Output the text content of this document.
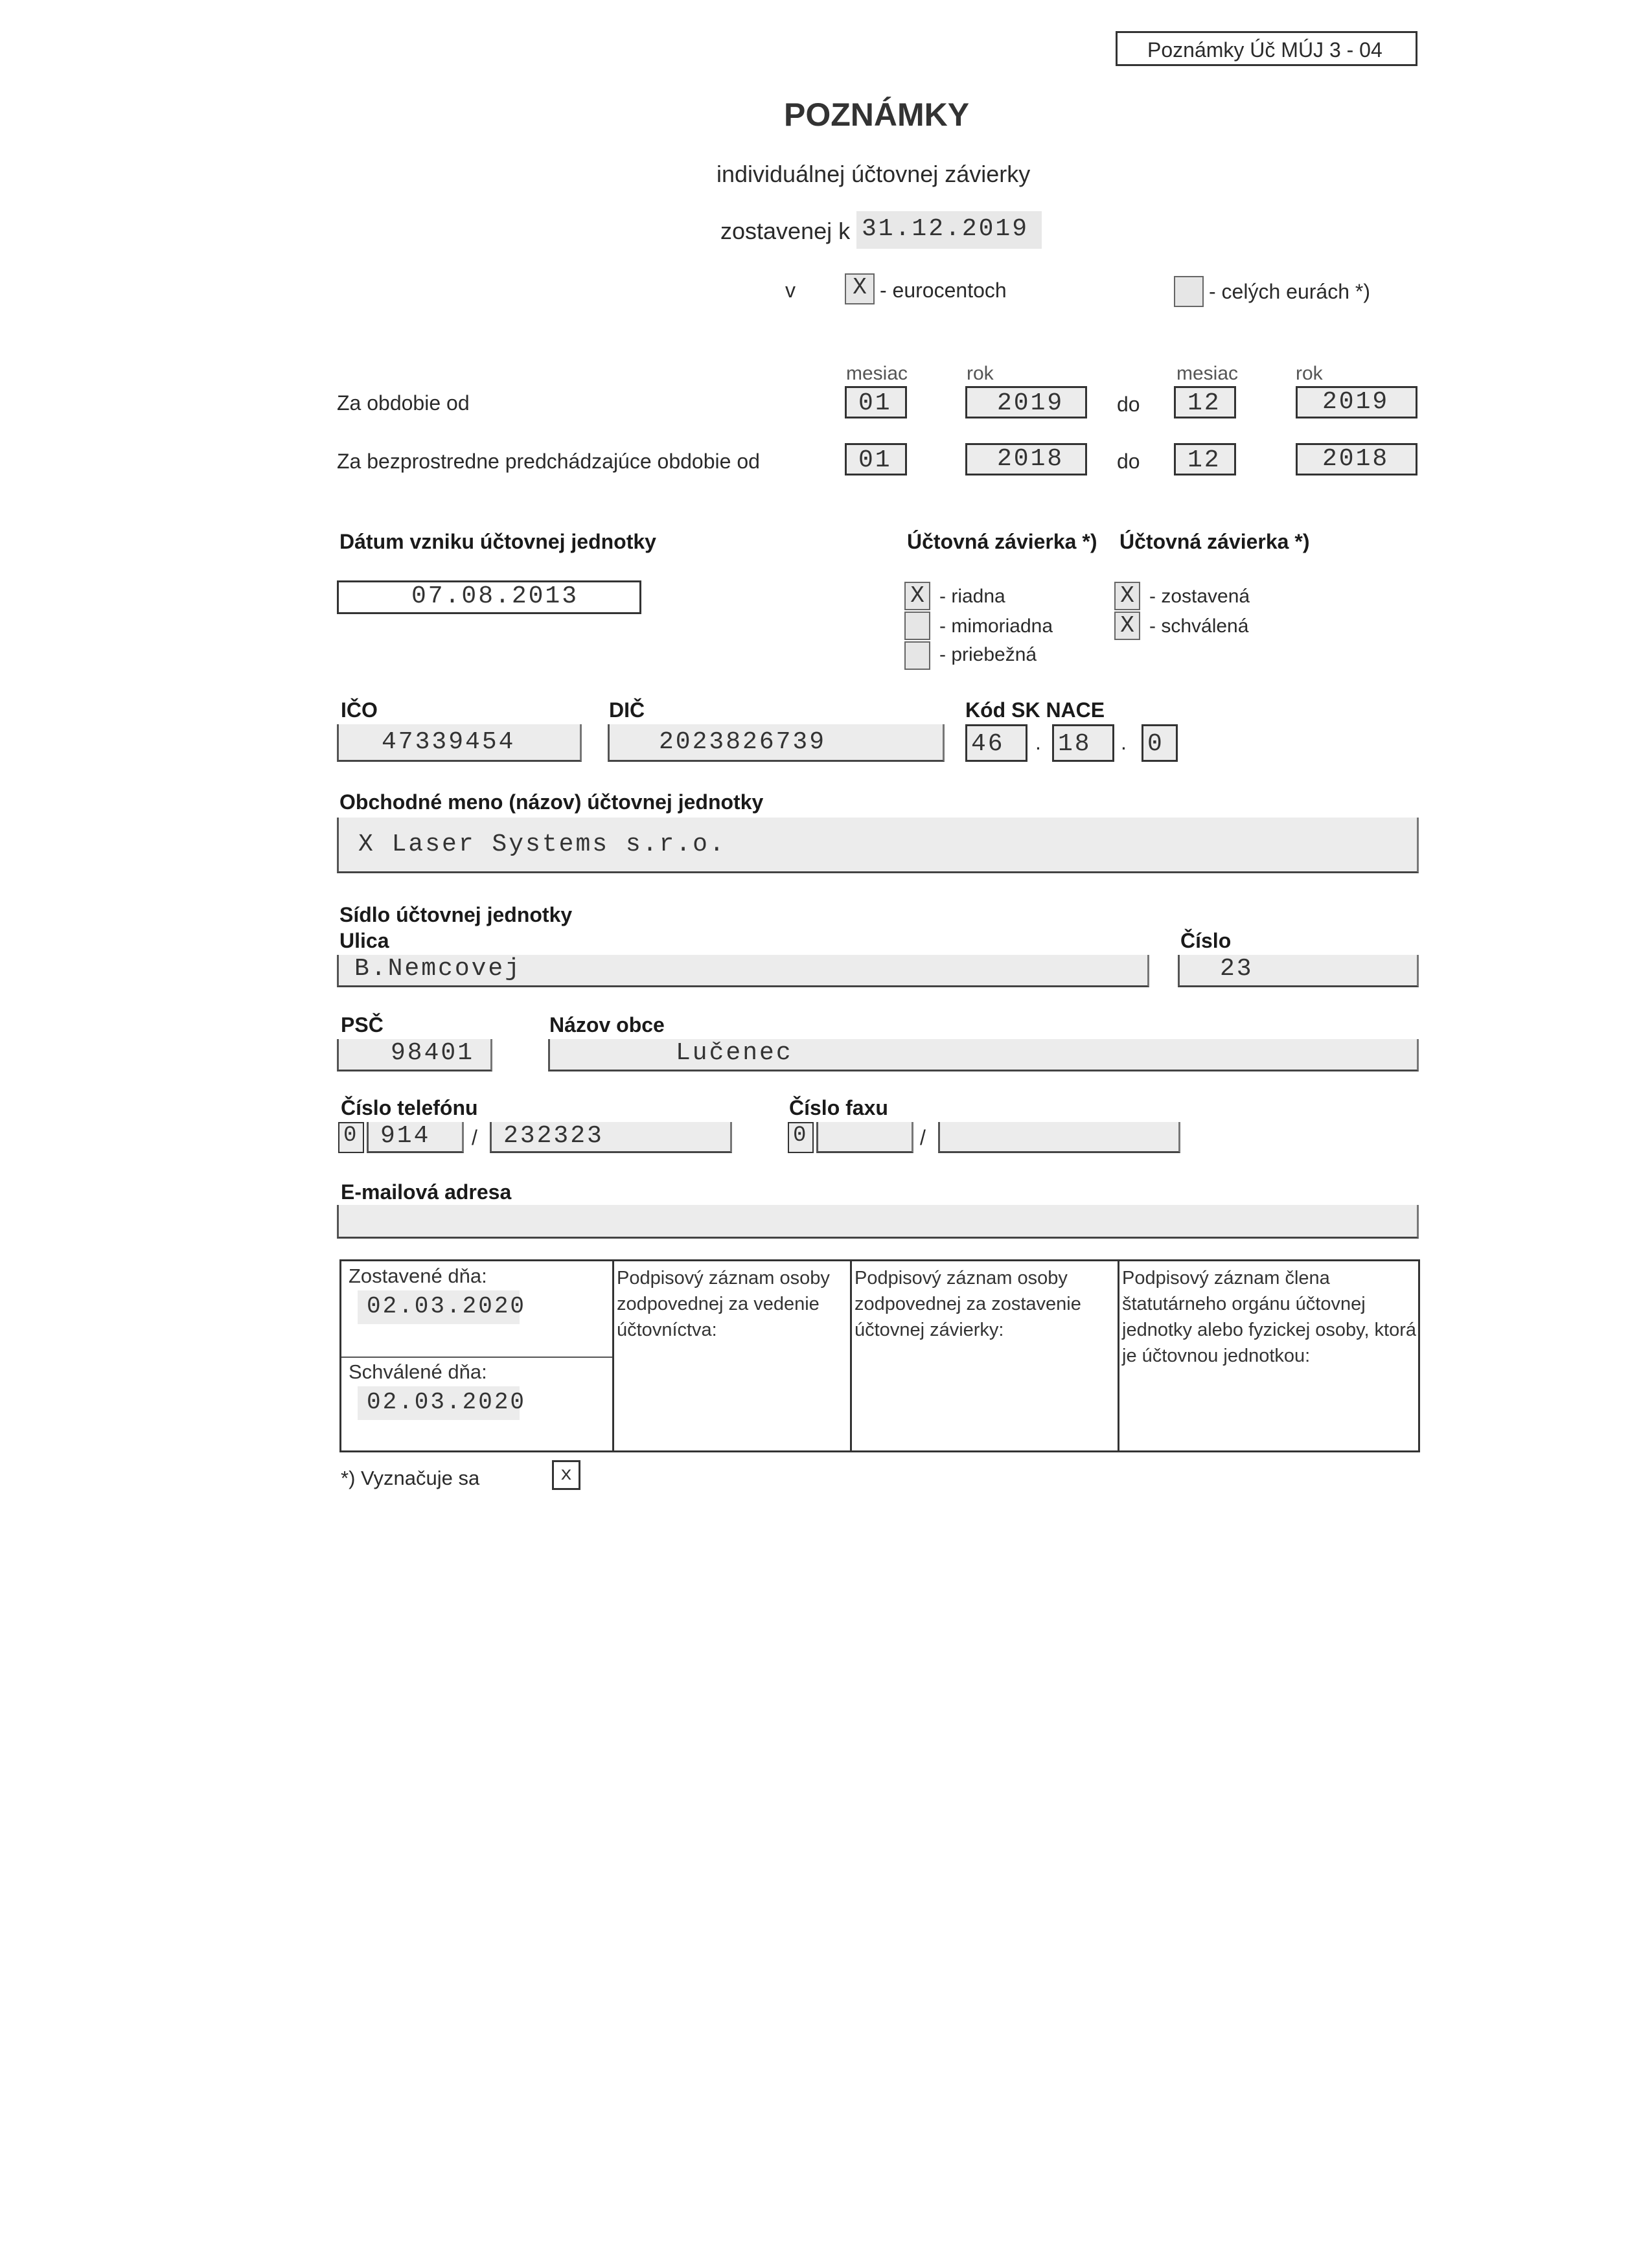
Poznámky Úč MÚJ 3 - 04
POZNÁMKY
individuálnej účtovnej závierky
zostavenej k 31.12.2019
v	X - eurocentoch	- celých eurách *)
mesiac	rok	mesiac	rok
Za obdobie od	01	2019	do 12	2019
Za bezprostredne predchádzajúce obdobie od	01	2018	do 12	2018
Dátum vzniku účtovnej jednotky
07.08.2013
Účtovná závierka *)
X - riadna
- mimoriadna
- priebežná
Účtovná závierka *)
X - zostavená
X - schválená
IČO
47339454
DIČ
2023826739
Kód SK NACE
46 . 18 . 0
Obchodné meno (názov) účtovnej jednotky
X Laser Systems s.r.o.
Sídlo účtovnej jednotky
Ulica
B.Nemcovej
Číslo
23
PSČ
98401
Názov obce
Lučenec
Číslo telefónu
0 914 / 232323
Číslo faxu
0	/
E-mailová adresa
Zostavené dňa:
02.03.2020
Schválené dňa:
02.03.2020
Podpisový záznam osoby zodpovednej za vedenie účtovníctva:
Podpisový záznam osoby zodpovednej za zostavenie účtovnej závierky:
Podpisový záznam člena štatutárneho orgánu účtovnej jednotky alebo fyzickej osoby, ktorá je účtovnou jednotkou:
*) Vyznačuje sa	x
